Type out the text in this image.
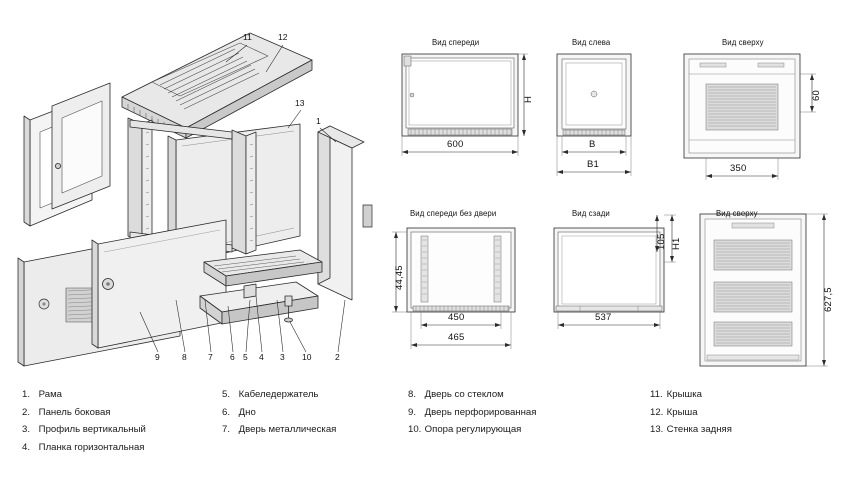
11	12
13
1
9	8	7 6 5 4 3 10	2
Вид спереди	Вид слева	Вид сверху
Вид спереди без двери	Вид сзади	Вид сверху
600	B
B1
H	60
350
44,45
450
465
537
H1
105
627,5
1. Рама
2. Панель боковая
3. Профиль вертикальный
4. Планка горизонтальная
5. Кабеледержатель
6. Дно
7. Дверь металлическая
8. Дверь со стеклом
9. Дверь перфорированная
10. Опора регулирующая
11. Крышка
12. Крыша
13. Стенка задняя
